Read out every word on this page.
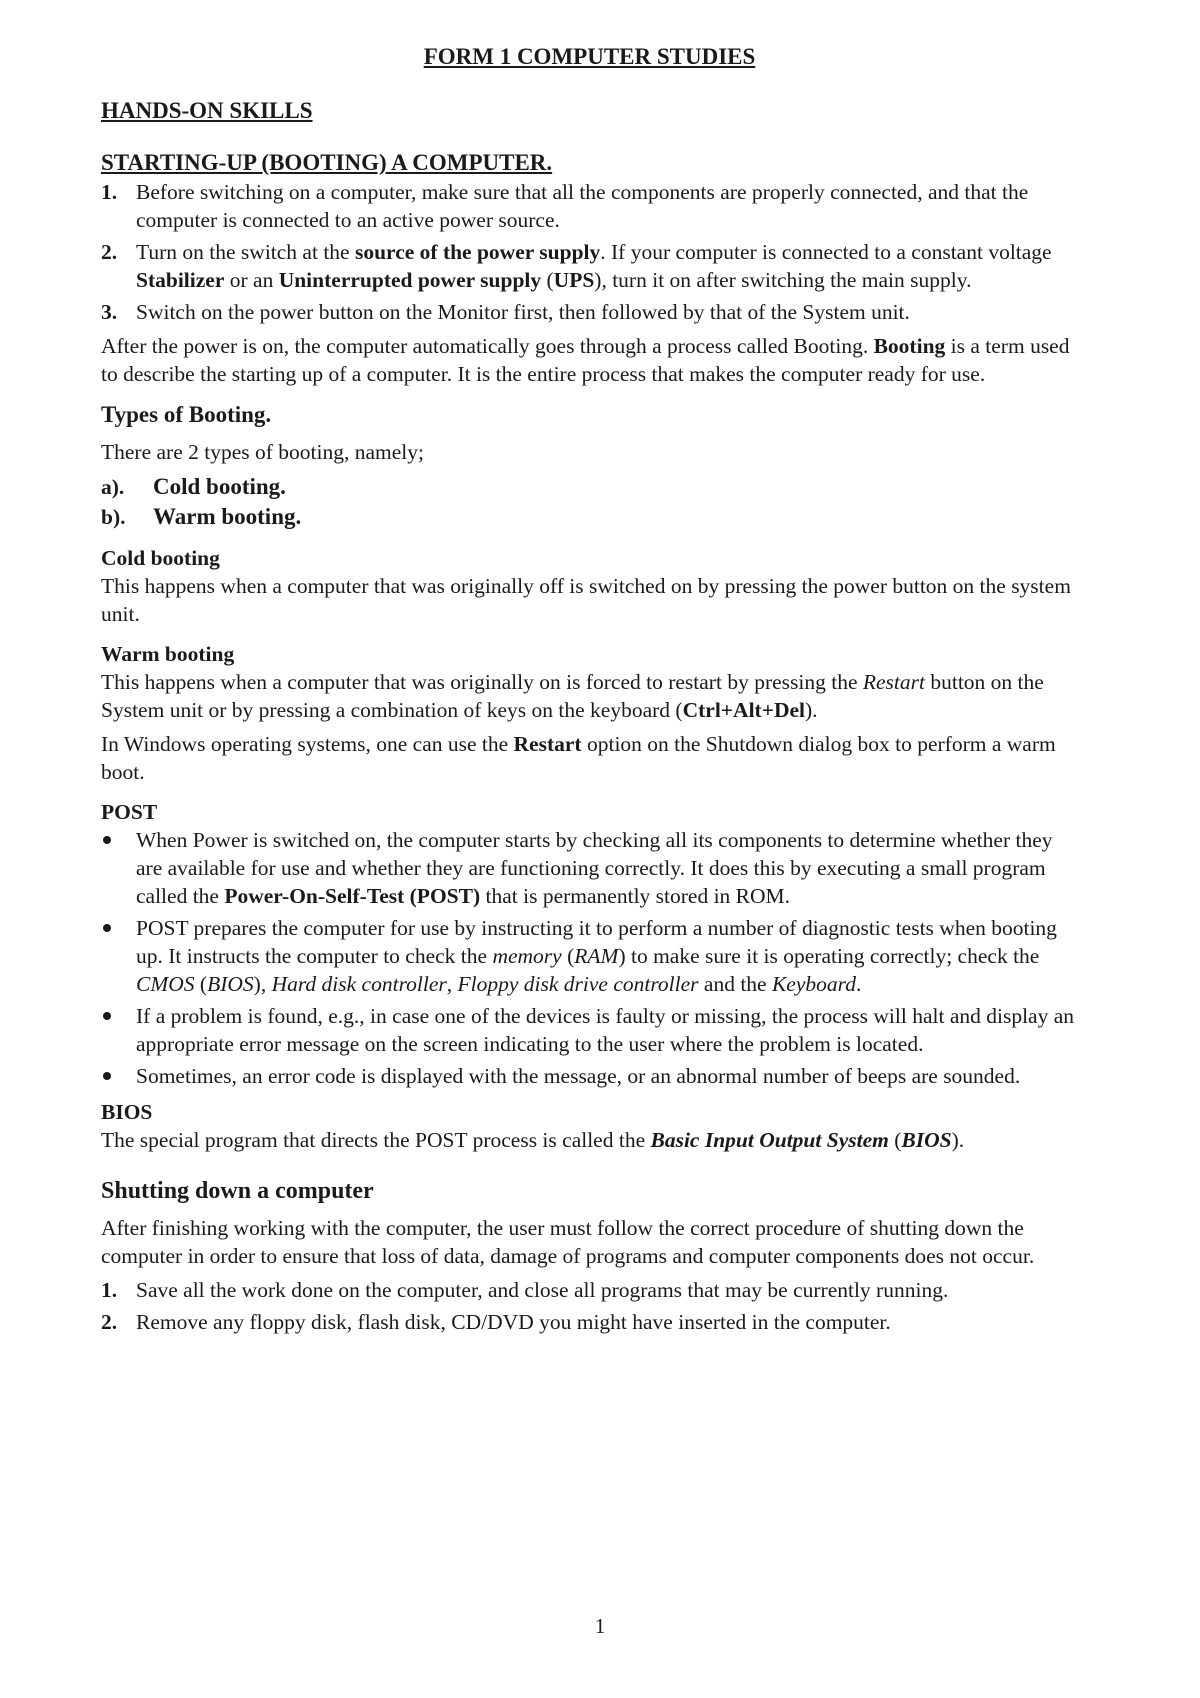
FORM 1 COMPUTER STUDIES
HANDS-ON SKILLS
STARTING-UP (BOOTING) A COMPUTER.
1. Before switching on a computer, make sure that all the components are properly connected, and that the computer is connected to an active power source.
2. Turn on the switch at the source of the power supply. If your computer is connected to a constant voltage Stabilizer or an Uninterrupted power supply (UPS), turn it on after switching the main supply.
3. Switch on the power button on the Monitor first, then followed by that of the System unit.

After the power is on, the computer automatically goes through a process called Booting. Booting is a term used to describe the starting up of a computer. It is the entire process that makes the computer ready for use.

Types of Booting.

There are 2 types of booting, namely;

a). Cold booting.
b). Warm booting.
Cold booting

This happens when a computer that was originally off is switched on by pressing the power button on the system unit.

Warm booting

This happens when a computer that was originally on is forced to restart by pressing the Restart button on the System unit or by pressing a combination of keys on the keyboard (Ctrl+Alt+Del).

In Windows operating systems, one can use the Restart option on the Shutdown dialog box to perform a warm boot.

POST
When Power is switched on, the computer starts by checking all its components to determine whether they are available for use and whether they are functioning correctly. It does this by executing a small program called the Power-On-Self-Test (POST) that is permanently stored in ROM.
POST prepares the computer for use by instructing it to perform a number of diagnostic tests when booting up. It instructs the computer to check the memory (RAM) to make sure it is operating correctly; check the CMOS (BIOS), Hard disk controller, Floppy disk drive controller and the Keyboard.
If a problem is found, e.g., in case one of the devices is faulty or missing, the process will halt and display an appropriate error message on the screen indicating to the user where the problem is located.
Sometimes, an error code is displayed with the message, or an abnormal number of beeps are sounded.
BIOS

The special program that directs the POST process is called the Basic Input Output System (BIOS).

Shutting down a computer

After finishing working with the computer, the user must follow the correct procedure of shutting down the computer in order to ensure that loss of data, damage of programs and computer components does not occur.

1. Save all the work done on the computer, and close all programs that may be currently running.
2. Remove any floppy disk, flash disk, CD/DVD you might have inserted in the computer.
1
